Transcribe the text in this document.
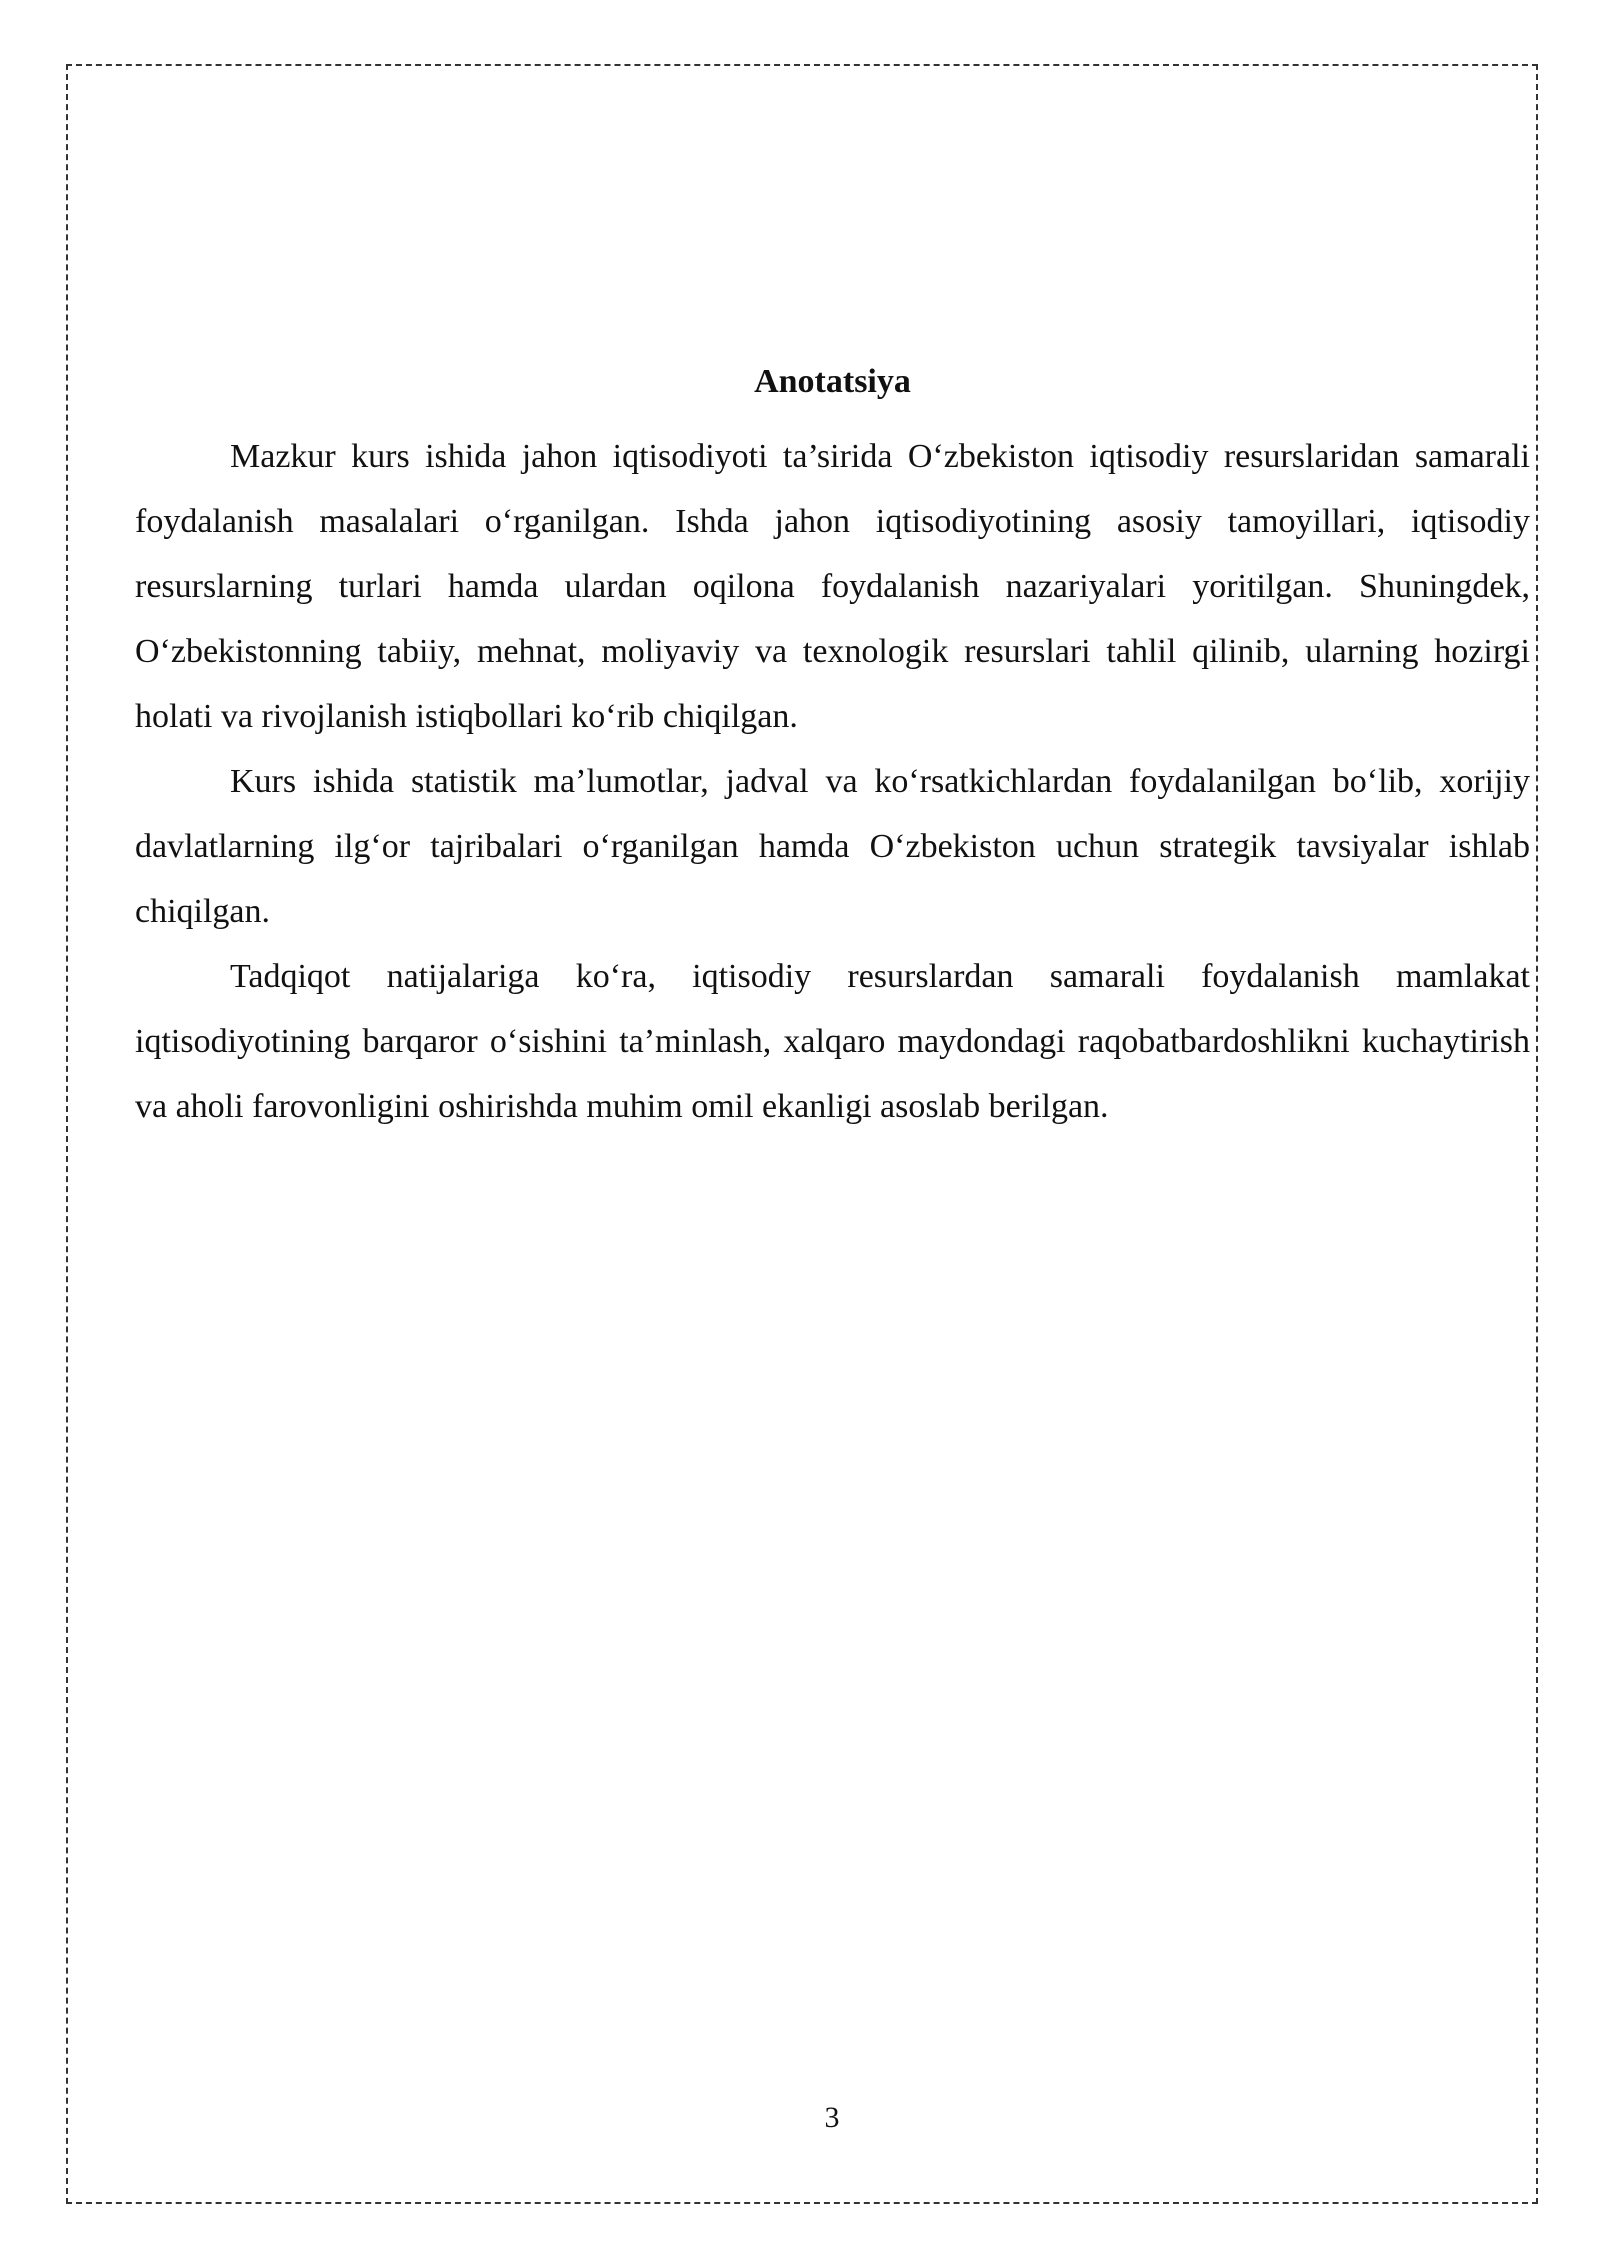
Anotatsiya

Mazkur kurs ishida jahon iqtisodiyoti ta’sirida O‘zbekiston iqtisodiy resurslaridan samarali foydalanish masalalari o‘rganilgan. Ishda jahon iqtisodiyotining asosiy tamoyillari, iqtisodiy resurslarning turlari hamda ulardan oqilona foydalanish nazariyalari yoritilgan. Shuningdek, O‘zbekistonning tabiiy, mehnat, moliyaviy va texnologik resurslari tahlil qilinib, ularning hozirgi holati va rivojlanish istiqbollari ko‘rib chiqilgan.

Kurs ishida statistik ma’lumotlar, jadval va ko‘rsatkichlardan foydalanilgan bo‘lib, xorijiy davlatlarning ilg‘or tajribalari o‘rganilgan hamda O‘zbekiston uchun strategik tavsiyalar ishlab chiqilgan.

Tadqiqot natijalariga ko‘ra, iqtisodiy resurslardan samarali foydalanish mamlakat iqtisodiyotining barqaror o‘sishini ta’minlash, xalqaro maydondagi raqobatbardoshlikni kuchaytirish va aholi farovonligini oshirishda muhim omil ekanligi asoslab berilgan.

3
